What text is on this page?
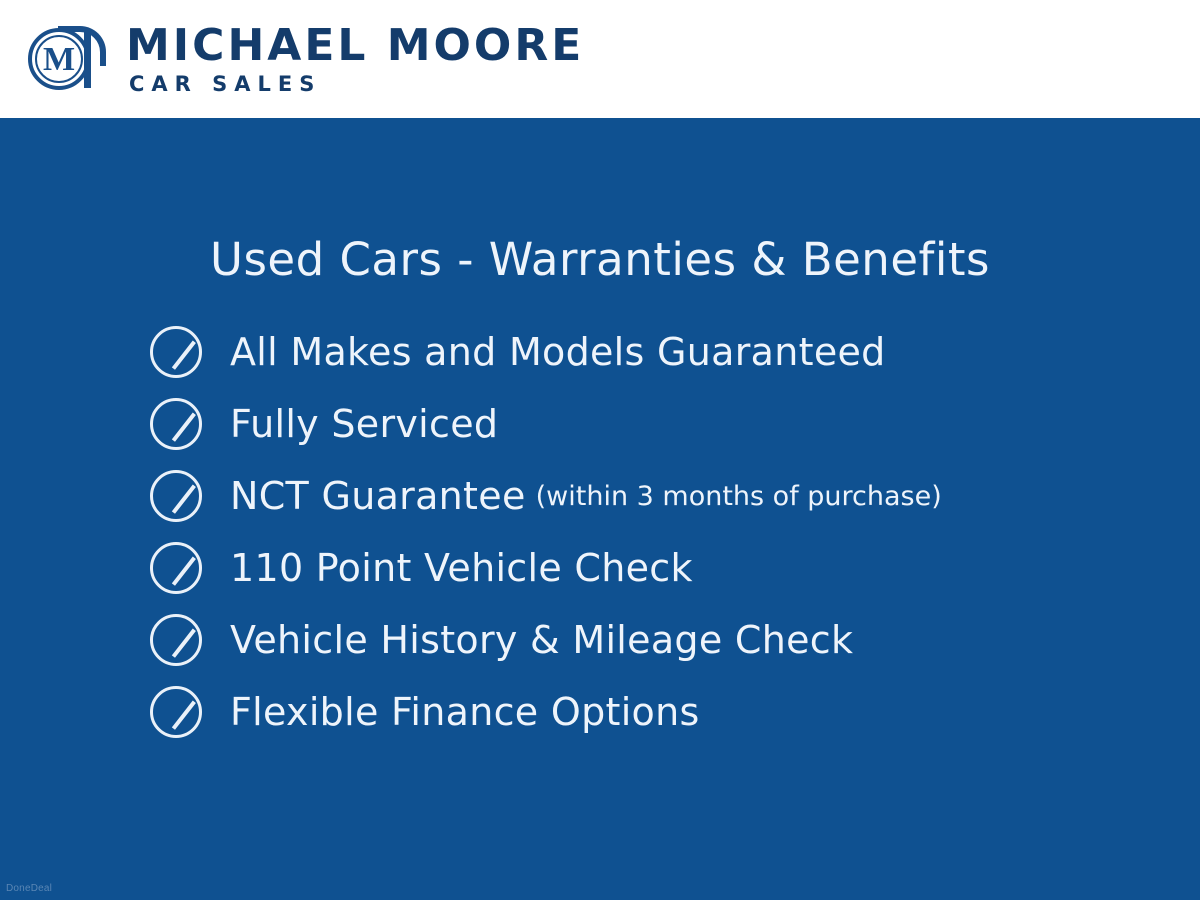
M MICHAEL MOORE
CAR SALES
Used Cars - Warranties & Benefits
All Makes and Models Guaranteed
Fully Serviced
NCT Guarantee (within 3 months of purchase)
110 Point Vehicle Check
Vehicle History & Mileage Check
Flexible Finance Options
DoneDeal
